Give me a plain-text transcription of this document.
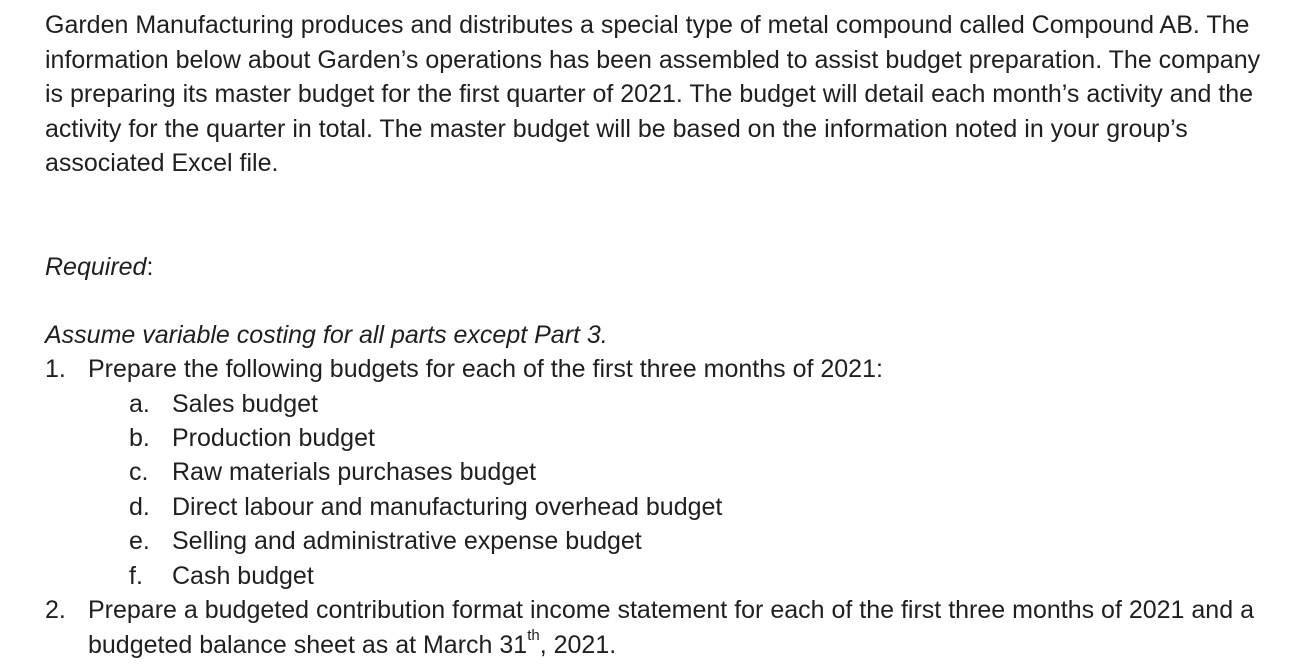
Garden Manufacturing produces and distributes a special type of metal compound called Compound AB. The information below about Garden’s operations has been assembled to assist budget preparation. The company is preparing its master budget for the first quarter of 2021. The budget will detail each month’s activity and the activity for the quarter in total. The master budget will be based on the information noted in your group’s associated Excel file.

Required:

Assume variable costing for all parts except Part 3.

1. Prepare the following budgets for each of the first three months of 2021:
a. Sales budget
b. Production budget
c. Raw materials purchases budget
d. Direct labour and manufacturing overhead budget
e. Selling and administrative expense budget
f. Cash budget
2. Prepare a budgeted contribution format income statement for each of the first three months of 2021 and a budgeted balance sheet as at March 31th, 2021.
